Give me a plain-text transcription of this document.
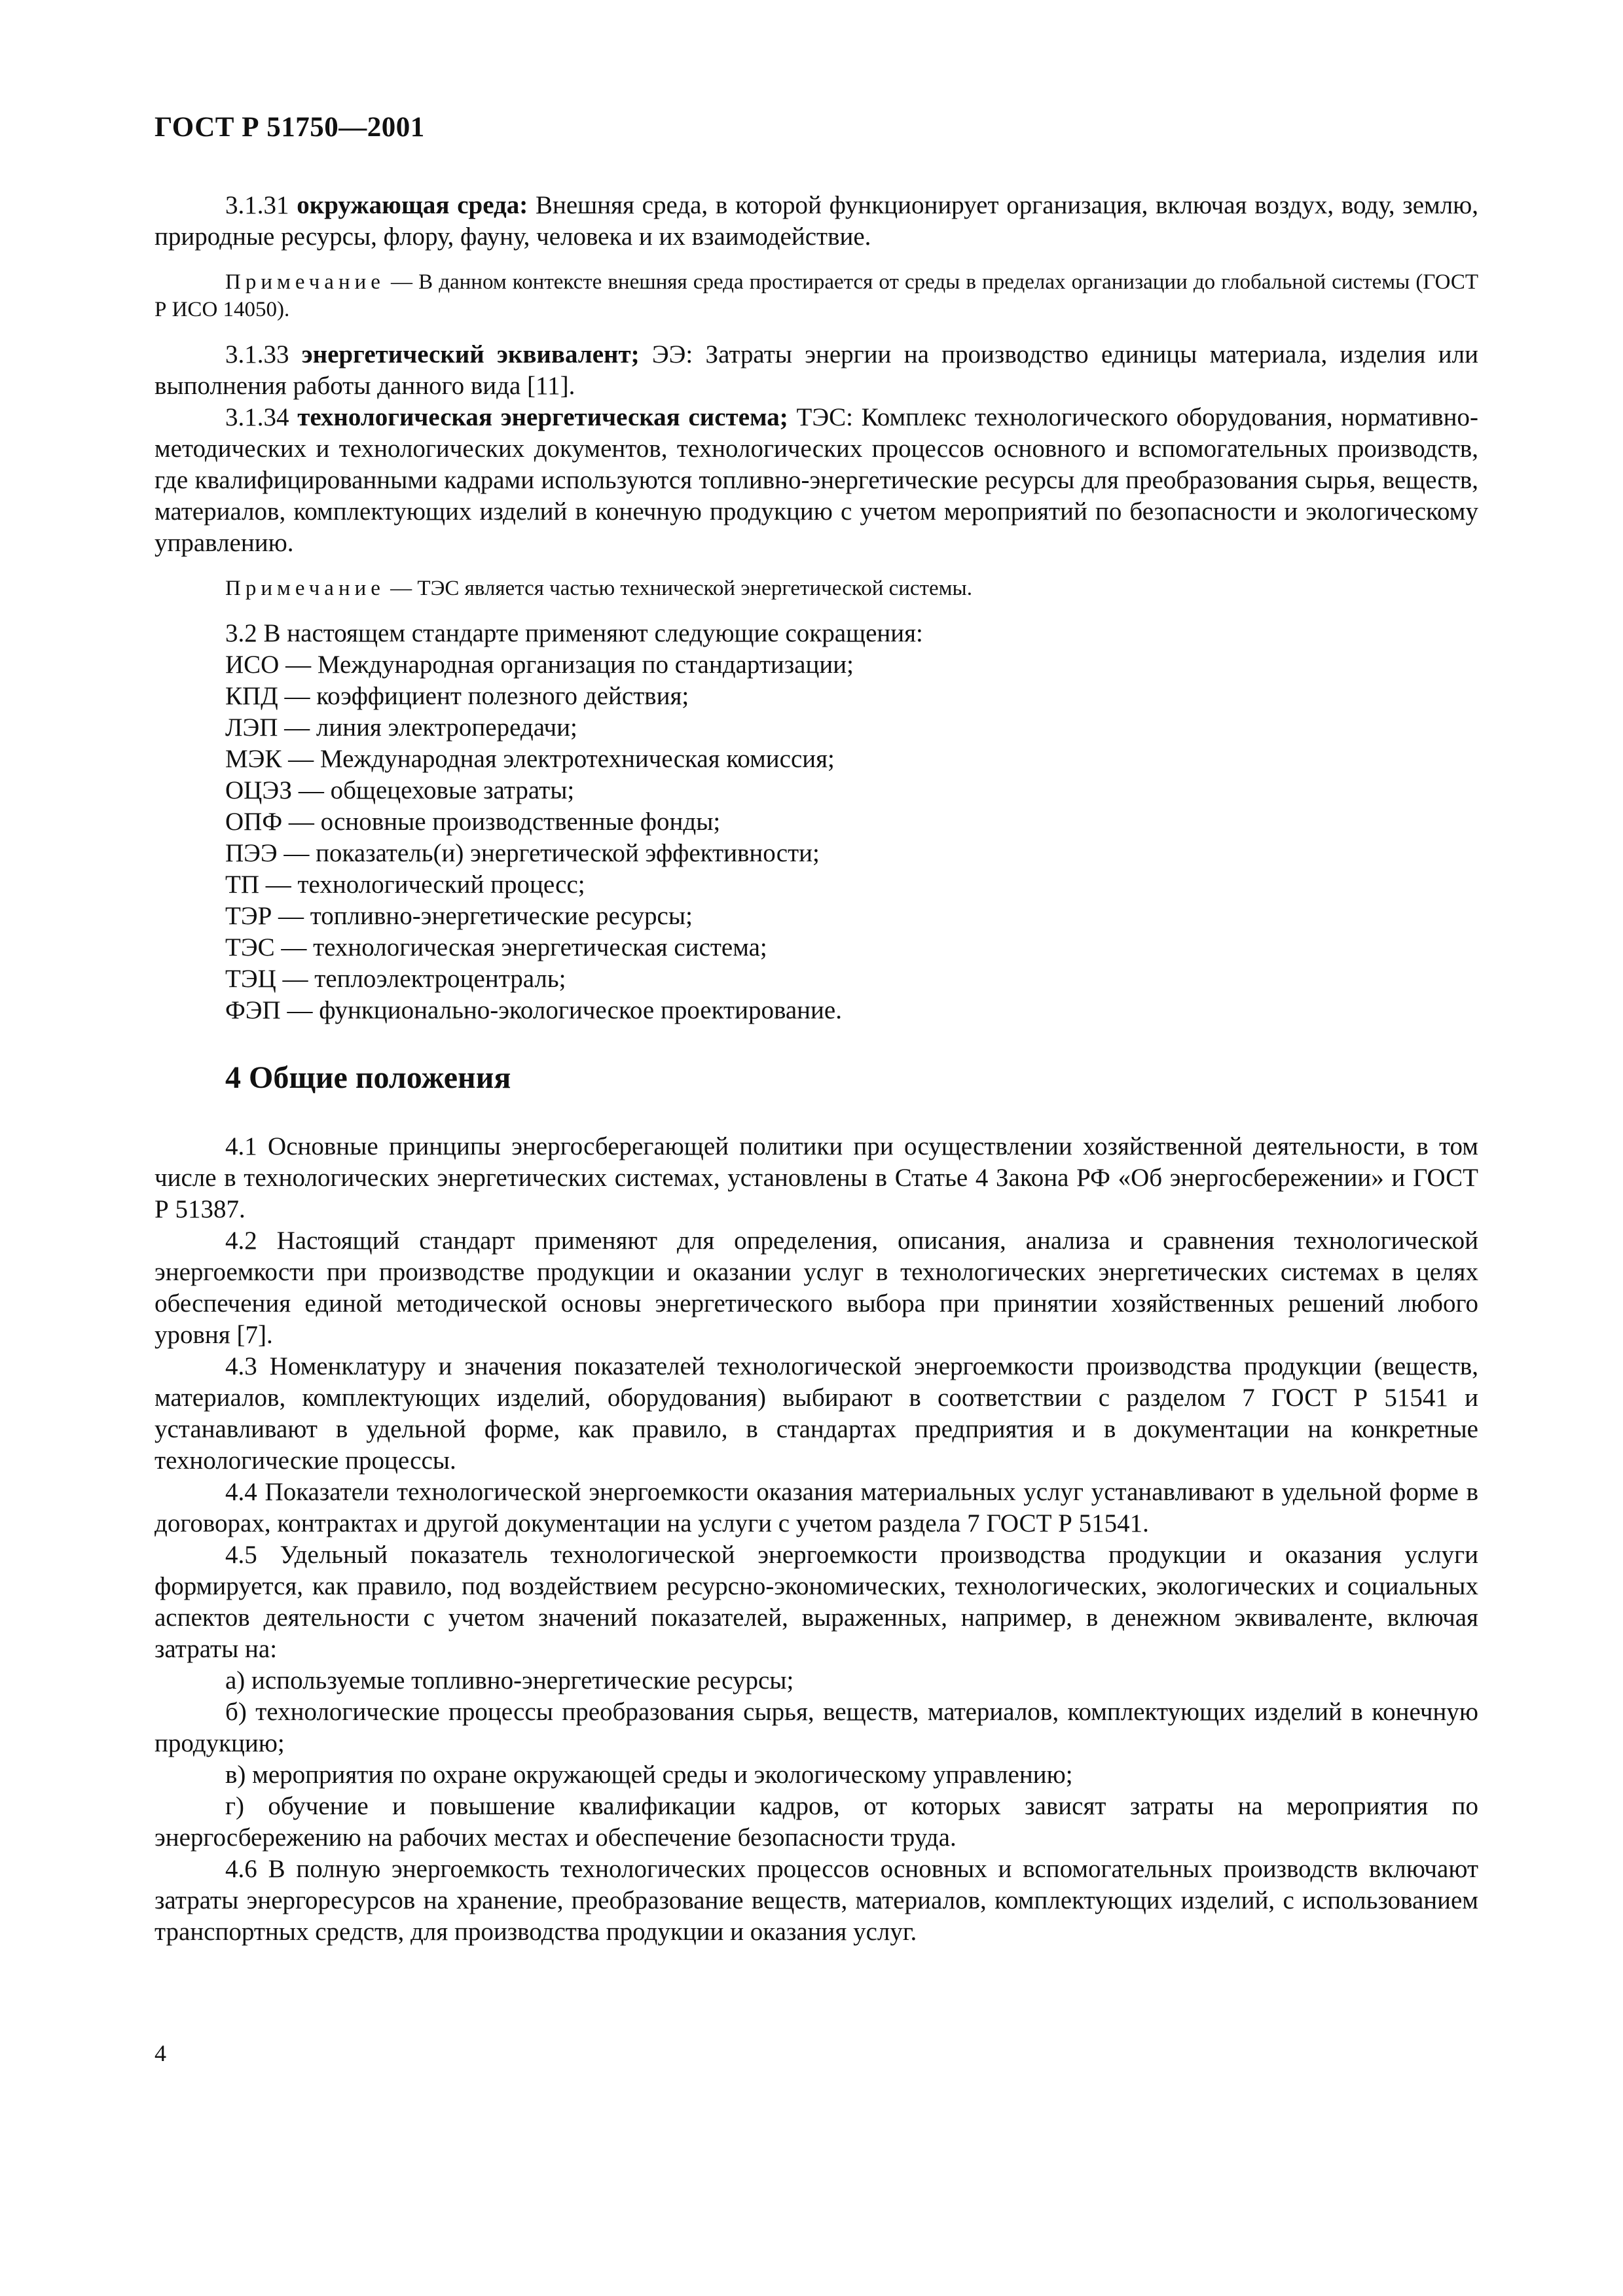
ГОСТ Р 51750—2001

3.1.31 окружающая среда: Внешняя среда, в которой функционирует организация, включая воздух, воду, землю, природные ресурсы, флору, фауну, человека и их взаимодействие.

Примечание — В данном контексте внешняя среда простирается от среды в пределах организации до глобальной системы (ГОСТ Р ИСО 14050).

3.1.33 энергетический эквивалент; ЭЭ: Затраты энергии на производство единицы материала, изделия или выполнения работы данного вида [11].

3.1.34 технологическая энергетическая система; ТЭС: Комплекс технологического оборудования, нормативно-методических и технологических документов, технологических процессов основного и вспомогательных производств, где квалифицированными кадрами используются топливно-энергетические ресурсы для преобразования сырья, веществ, материалов, комплектующих изделий в конечную продукцию с учетом мероприятий по безопасности и экологическому управлению.

Примечание — ТЭС является частью технической энергетической системы.

3.2 В настоящем стандарте применяют следующие сокращения:

ИСО — Международная организация по стандартизации;
КПД — коэффициент полезного действия;
ЛЭП — линия электропередачи;
МЭК — Международная электротехническая комиссия;
ОЦЭЗ — общецеховые затраты;
ОПФ — основные производственные фонды;
ПЭЭ — показатель(и) энергетической эффективности;
ТП — технологический процесс;
ТЭР — топливно-энергетические ресурсы;
ТЭС — технологическая энергетическая система;
ТЭЦ — теплоэлектроцентраль;
ФЭП — функционально-экологическое проектирование.
4 Общие положения

4.1 Основные принципы энергосберегающей политики при осуществлении хозяйственной деятельности, в том числе в технологических энергетических системах, установлены в Статье 4 Закона РФ «Об энергосбережении» и ГОСТ Р 51387.

4.2 Настоящий стандарт применяют для определения, описания, анализа и сравнения технологической энергоемкости при производстве продукции и оказании услуг в технологических энергетических системах в целях обеспечения единой методической основы энергетического выбора при принятии хозяйственных решений любого уровня [7].

4.3 Номенклатуру и значения показателей технологической энергоемкости производства продукции (веществ, материалов, комплектующих изделий, оборудования) выбирают в соответствии с разделом 7 ГОСТ Р 51541 и устанавливают в удельной форме, как правило, в стандартах предприятия и в документации на конкретные технологические процессы.

4.4 Показатели технологической энергоемкости оказания материальных услуг устанавливают в удельной форме в договорах, контрактах и другой документации на услуги с учетом раздела 7 ГОСТ Р 51541.

4.5 Удельный показатель технологической энергоемкости производства продукции и оказания услуги формируется, как правило, под воздействием ресурсно-экономических, технологических, экологических и социальных аспектов деятельности с учетом значений показателей, выраженных, например, в денежном эквиваленте, включая затраты на:

а) используемые топливно-энергетические ресурсы;

б) технологические процессы преобразования сырья, веществ, материалов, комплектующих изделий в конечную продукцию;

в) мероприятия по охране окружающей среды и экологическому управлению;

г) обучение и повышение квалификации кадров, от которых зависят затраты на мероприятия по энергосбережению на рабочих местах и обеспечение безопасности труда.

4.6 В полную энергоемкость технологических процессов основных и вспомогательных производств включают затраты энергоресурсов на хранение, преобразование веществ, материалов, комплектующих изделий, с использованием транспортных средств, для производства продукции и оказания услуг.

4
